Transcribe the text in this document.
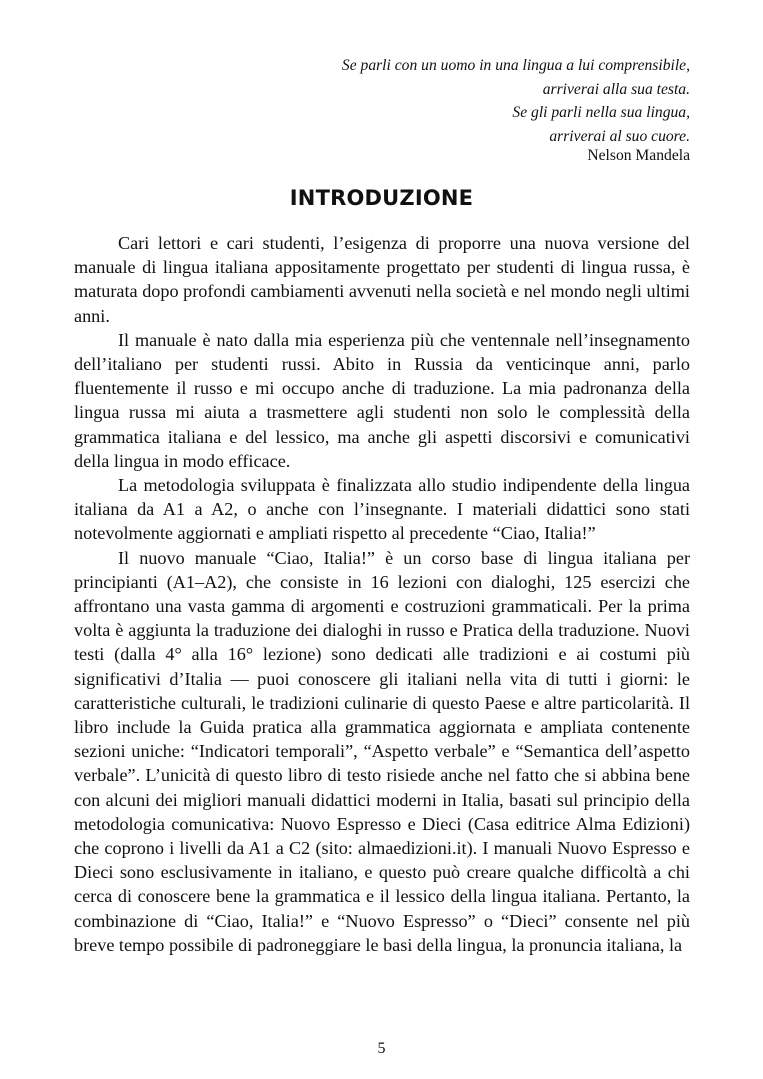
Se parli con un uomo in una lingua a lui comprensibile,
arriverai alla sua testa.
Se gli parli nella sua lingua,
arriverai al suo cuore.
Nelson Mandela
INTRODUZIONE

Cari lettori e cari studenti, l’esigenza di proporre una nuova versione del manuale di lingua italiana appositamente progettato per studenti di lingua russa, è maturata dopo profondi cambiamenti avvenuti nella società e nel mondo negli ultimi anni.

Il manuale è nato dalla mia esperienza più che ventennale nell’insegnamento dell’italiano per studenti russi. Abito in Russia da venticinque anni, parlo fluentemente il russo e mi occupo anche di traduzione. La mia padronanza della lingua russa mi aiuta a trasmettere agli studenti non solo le complessità della grammatica italiana e del lessico, ma anche gli aspetti discorsivi e comunicativi della lingua in modo efficace.

La metodologia sviluppata è finalizzata allo studio indipendente della lingua italiana da A1 a A2, o anche con l’insegnante. I materiali didattici sono stati notevolmente aggiornati e ampliati rispetto al precedente “Ciao, Italia!”

Il nuovo manuale “Ciao, Italia!” è un corso base di lingua italiana per principianti (A1–A2), che consiste in 16 lezioni con dialoghi, 125 esercizi che affrontano una vasta gamma di argomenti e costruzioni grammaticali. Per la prima volta è aggiunta la traduzione dei dialoghi in russo e Pratica della traduzione. Nuovi testi (dalla 4° alla 16° lezione) sono dedicati alle tradizioni e ai costumi più significativi d’Italia — puoi conoscere gli italiani nella vita di tutti i giorni: le caratteristiche culturali, le tradizioni culinarie di questo Paese e altre particolarità. Il libro include la Guida pratica alla grammatica aggiornata e ampliata contenente sezioni uniche: “Indicatori temporali”, “Aspetto verbale” e “Semantica dell’aspetto verbale”. L’unicità di questo libro di testo risiede anche nel fatto che si abbina bene con alcuni dei migliori manuali didattici moderni in Italia, basati sul principio della metodologia comunicativa: Nuovo Espresso e Dieci (Casa editrice Alma Edizioni) che coprono i livelli da A1 a C2 (sito: almaedizioni.it). I manuali Nuovo Espresso e Dieci sono esclusivamente in italiano, e questo può creare qualche difficoltà a chi cerca di conoscere bene la grammatica e il lessico della lingua italiana. Pertanto, la combinazione di “Ciao, Italia!” e “Nuovo Espresso” o “Dieci” consente nel più breve tempo possibile di padroneggiare le basi della lingua, la pronuncia italiana, la

5
